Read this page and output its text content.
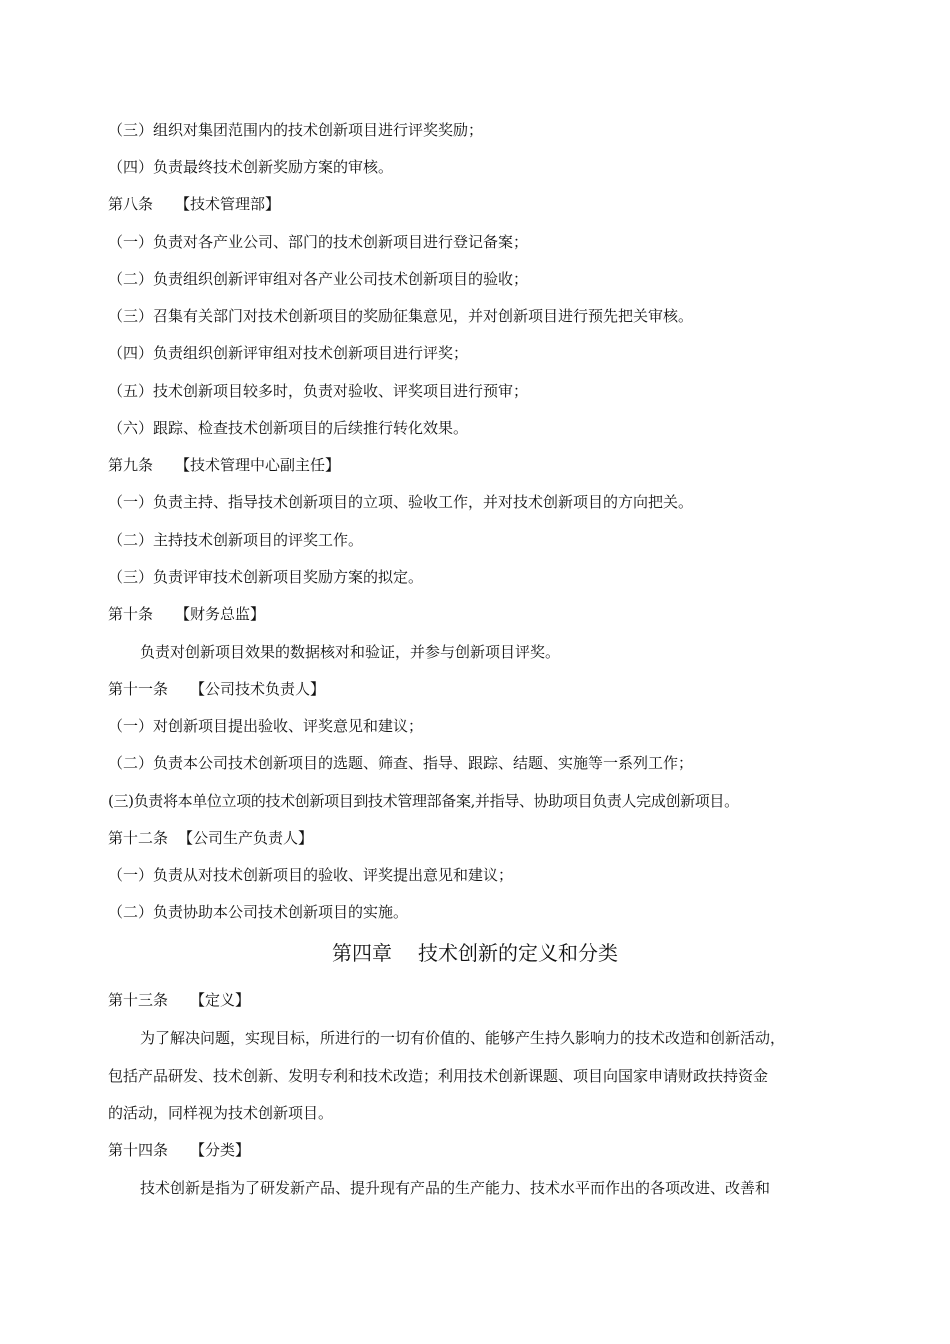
（三）组织对集团范围内的技术创新项目进行评奖奖励；
（四）负责最终技术创新奖励方案的审核。
第八条 【技术管理部】
（一）负责对各产业公司、部门的技术创新项目进行登记备案；
（二）负责组织创新评审组对各产业公司技术创新项目的验收；
（三）召集有关部门对技术创新项目的奖励征集意见，并对创新项目进行预先把关审核。
（四）负责组织创新评审组对技术创新项目进行评奖；
（五）技术创新项目较多时，负责对验收、评奖项目进行预审；
（六）跟踪、检查技术创新项目的后续推行转化效果。
第九条 【技术管理中心副主任】
（一）负责主持、指导技术创新项目的立项、验收工作，并对技术创新项目的方向把关。
（二）主持技术创新项目的评奖工作。
（三）负责评审技术创新项目奖励方案的拟定。
第十条 【财务总监】
负责对创新项目效果的数据核对和验证，并参与创新项目评奖。
第十一条 【公司技术负责人】
（一）对创新项目提出验收、评奖意见和建议；
（二）负责本公司技术创新项目的选题、筛查、指导、跟踪、结题、实施等一系列工作；
(三)负责将本单位立项的技术创新项目到技术管理部备案,并指导、协助项目负责人完成创新项目。
第十二条 【公司生产负责人】
（一）负责从对技术创新项目的验收、评奖提出意见和建议；
（二）负责协助本公司技术创新项目的实施。
第四章 技术创新的定义和分类
第十三条 【定义】
为了解决问题，实现目标，所进行的一切有价值的、能够产生持久影响力的技术改造和创新活动，
包括产品研发、技术创新、发明专利和技术改造；利用技术创新课题、项目向国家申请财政扶持资金
的活动，同样视为技术创新项目。
第十四条 【分类】
技术创新是指为了研发新产品、提升现有产品的生产能力、技术水平而作出的各项改进、改善和
